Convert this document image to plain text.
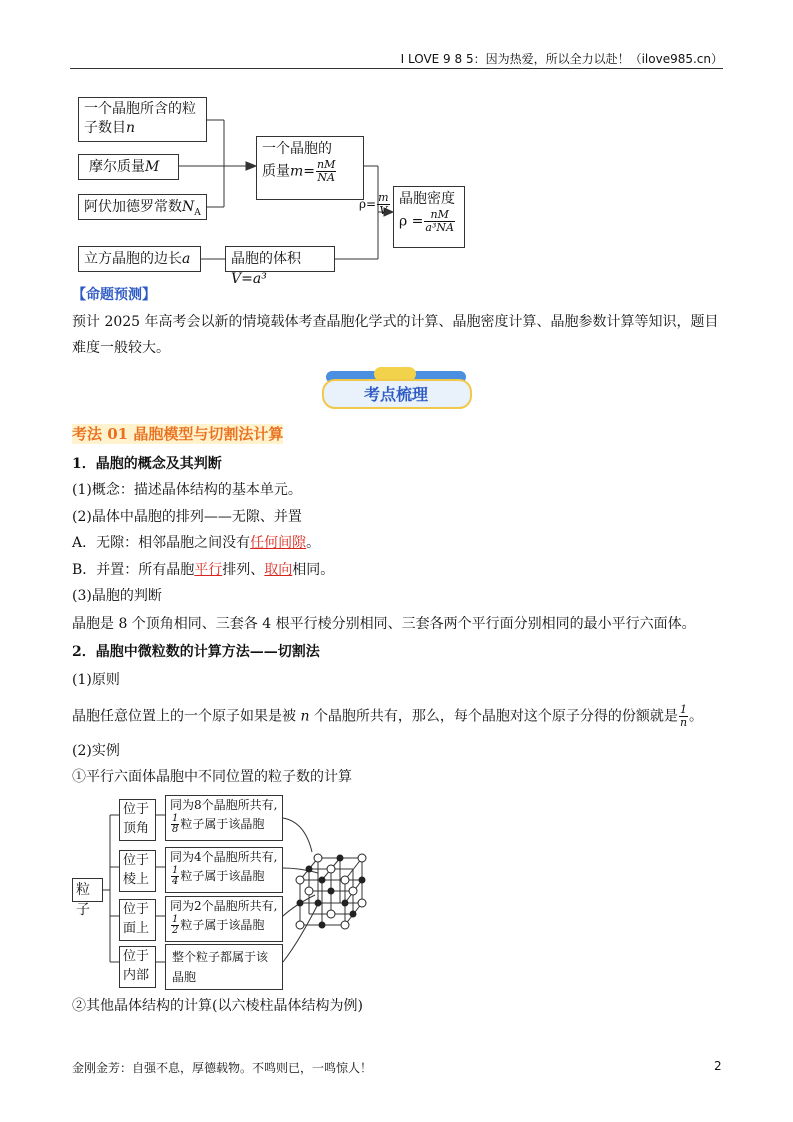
I LOVE 9 8 5：因为热爱，所以全力以赴！（ilove985.cn）
一个晶胞所含的粒
子数目n
摩尔质量M
阿伏加德罗常数$N_A$
一个晶胞的
质量$m= \frac{nM}{NA}$
$\rho= \frac{m}{V}$ 晶胞密度
$\rho = \frac{nM}{\text{a³NA}}$
立方晶胞的边长a	晶胞的体积V=a³
【命题预测】
预计 2025 年高考会以新的情境载体考查晶胞化学式的计算、晶胞密度计算、晶胞参数计算等知识，题目
难度一般较大。
考点梳理
考法 01 晶胞模型与切割法计算
1．晶胞的概念及其判断
(1)概念：描述晶体结构的基本单元。
(2)晶体中晶胞的排列——无隙、并置
A．无隙：相邻晶胞之间没有任何间隙。
B．并置：所有晶胞平行排列、取向相同。
(3)晶胞的判断
晶胞是 8 个顶角相同、三套各 4 根平行棱分别相同、三套各两个平行面分别相同的最小平行六面体。
2．晶胞中微粒数的计算方法——切割法
(1)原则
晶胞任意位置上的一个原子如果是被 n 个晶胞所共有，那么，每个晶胞对这个原子分得的份额就是 $\frac{1}{n}$ 。
(2)实例
①平行六面体晶胞中不同位置的粒子数的计算
粒子
位于
顶角
位于
棱上
位于
面上
位于
内部
同为8个晶胞所共有,
$\frac{1}{8}$ 粒子属于该晶胞
同为4个晶胞所共有,
$\frac{1}{4}$ 粒子属于该晶胞
同为2个晶胞所共有,
$\frac{1}{2}$ 粒子属于该晶胞
整个粒子都属于该
晶胞
②其他晶体结构的计算(以六棱柱晶体结构为例)
金刚金芳：自强不息，厚德载物。不鸣则已，一鸣惊人！	2
